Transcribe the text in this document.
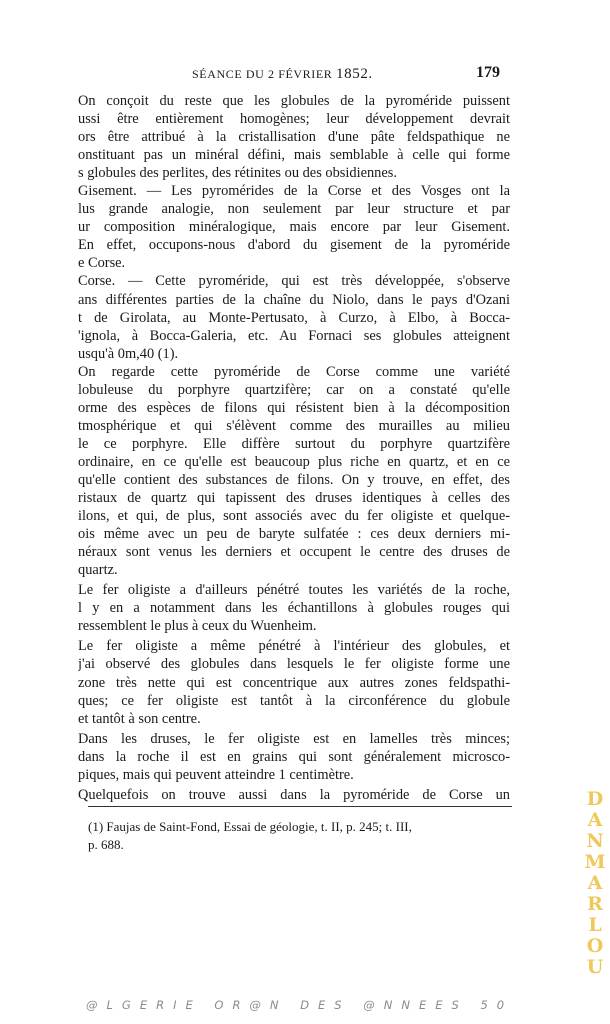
SÉANCE DU 2 FÉVRIER 1852.	179
On conçoit du reste que les globules de la pyroméride puissent
ussi être entièrement homogènes; leur développement devrait
ors être attribué à la cristallisation d'une pâte feldspathique ne
onstituant pas un minéral défini, mais semblable à celle qui forme
s globules des perlites, des rétinites ou des obsidiennes.
Gisement. — Les pyromérides de la Corse et des Vosges ont la
lus grande analogie, non seulement par leur structure et par
ur composition minéralogique, mais encore par leur Gisement.
En effet, occupons-nous d'abord du gisement de la pyroméride
e Corse.
Corse. — Cette pyroméride, qui est très développée, s'observe
ans différentes parties de la chaîne du Niolo, dans le pays d'Ozani
t de Girolata, au Monte-Pertusato, à Curzo, à Elbo, à Bocca-
'ignola, à Bocca-Galeria, etc. Au Fornaci ses globules atteignent
usqu'à 0m,40 (1).
On regarde cette pyroméride de Corse comme une variété
lobuleuse du porphyre quartzifère; car on a constaté qu'elle
orme des espèces de filons qui résistent bien à la décomposition
tmosphérique et qui s'élèvent comme des murailles au milieu
le ce porphyre. Elle diffère surtout du porphyre quartzifère
ordinaire, en ce qu'elle est beaucoup plus riche en quartz, et en ce
qu'elle contient des substances de filons. On y trouve, en effet, des
ristaux de quartz qui tapissent des druses identiques à celles des
ilons, et qui, de plus, sont associés avec du fer oligiste et quelque-
ois même avec un peu de baryte sulfatée : ces deux derniers mi-
néraux sont venus les derniers et occupent le centre des druses de
quartz.
Le fer oligiste a d'ailleurs pénétré toutes les variétés de la roche,
l y en a notamment dans les échantillons à globules rouges qui
ressemblent le plus à ceux du Wuenheim.
Le fer oligiste a même pénétré à l'intérieur des globules, et
j'ai observé des globules dans lesquels le fer oligiste forme une
zone très nette qui est concentrique aux autres zones feldspathi-
ques; ce fer oligiste est tantôt à la circonférence du globule
et tantôt à son centre.
Dans les druses, le fer oligiste est en lamelles très minces;
dans la roche il est en grains qui sont généralement microsco-
piques, mais qui peuvent atteindre 1 centimètre.
Quelquefois on trouve aussi dans la pyroméride de Corse un
(1) Faujas de Saint-Fond, Essai de géologie, t. II, p. 245; t. III,
p. 688.	DANMARLOU
@LGERIE OR@N DES @NNEES 50
